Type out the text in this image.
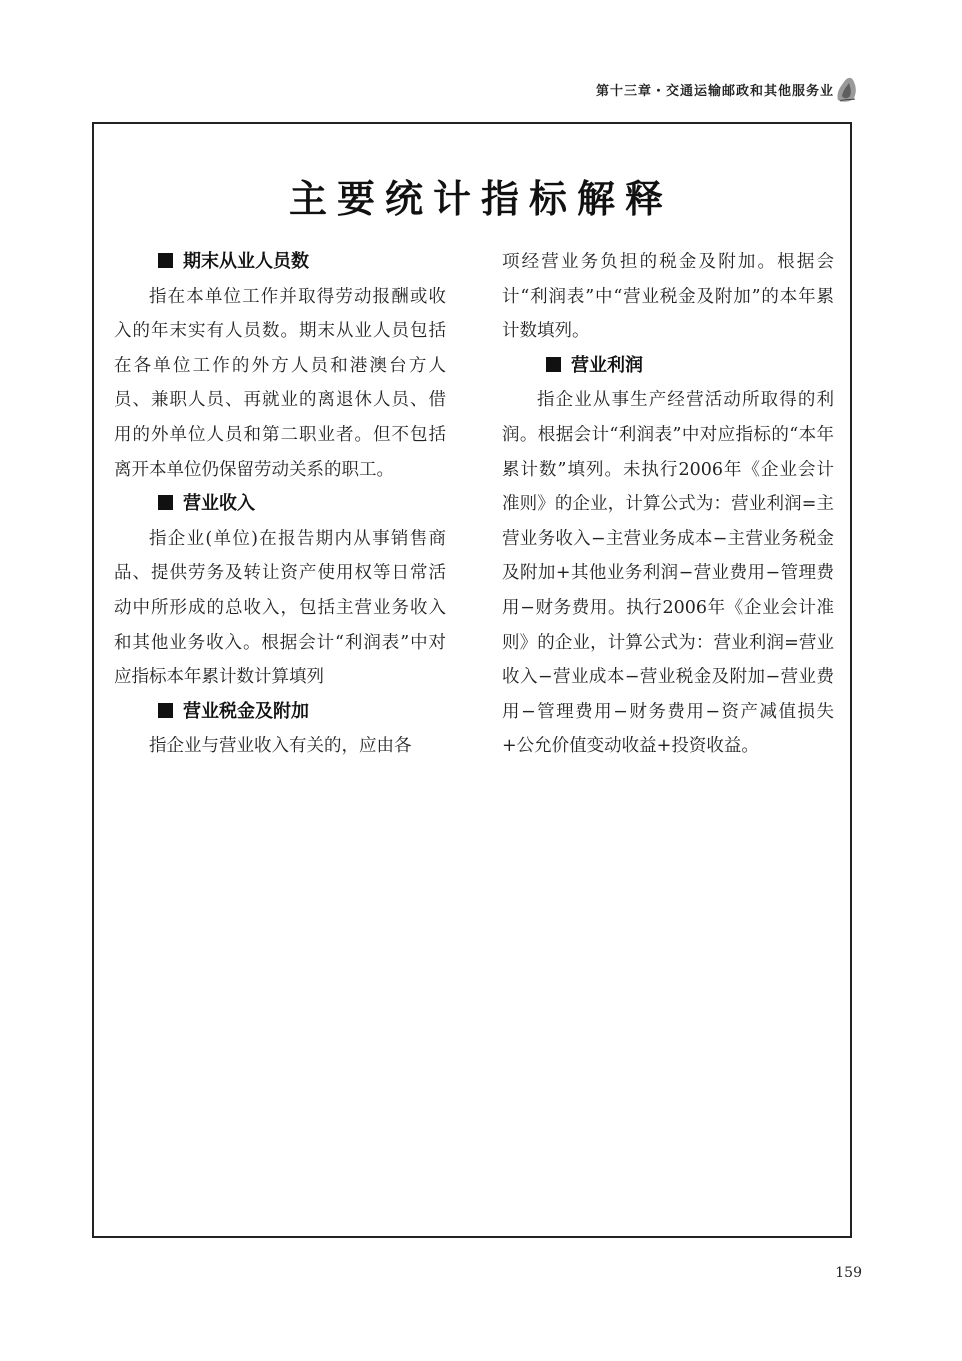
第十三章・交通运输邮政和其他服务业
主要统计指标解释
期末从业人员数

指在本单位工作并取得劳动报酬或收入的年末实有人员数。期末从业人员包括在各单位工作的外方人员和港澳台方人员、兼职人员、再就业的离退休人员、借用的外单位人员和第二职业者。但不包括离开本单位仍保留劳动关系的职工。

营业收入

指企业(单位)在报告期内从事销售商品、提供劳务及转让资产使用权等日常活动中所形成的总收入，包括主营业务收入和其他业务收入。根据会计“利润表”中对应指标本年累计数计算填列

营业税金及附加

指企业与营业收入有关的，应由各

项经营业务负担的税金及附加。根据会计“利润表”中“营业税金及附加”的本年累计数填列。

营业利润

指企业从事生产经营活动所取得的利润。根据会计“利润表”中对应指标的“本年累计数”填列。未执行2006年《企业会计准则》的企业，计算公式为：营业利润=主营业务收入−主营业务成本−主营业务税金及附加+其他业务利润−营业费用−管理费用−财务费用。执行2006年《企业会计准则》的企业，计算公式为：营业利润=营业收入−营业成本−营业税金及附加−营业费用−管理费用−财务费用−资产减值损失+公允价值变动收益+投资收益。

159
